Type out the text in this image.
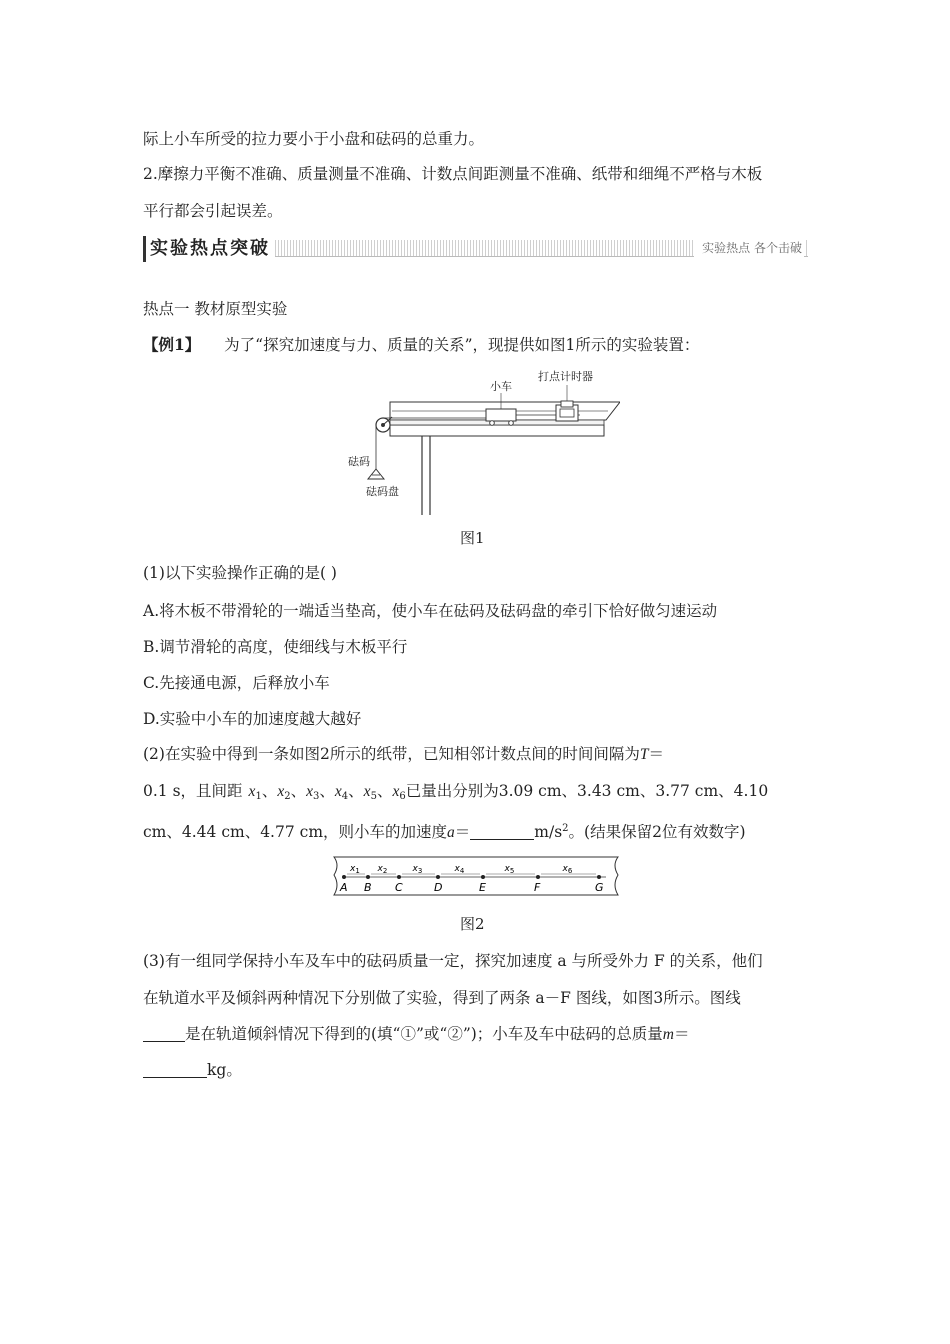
际上小车所受的拉力要小于小盘和砝码的总重力。
2.摩擦力平衡不准确、质量测量不准确、计数点间距测量不准确、纸带和细绳不严格与木板
平行都会引起误差。
实验热点突破	实验热点 各个击破
热点一 教材原型实验
【例1】 为了“探究加速度与力、质量的关系”，现提供如图1所示的实验装置：
小车
打点计时器
砝码
砝码盘
图1
(1)以下实验操作正确的是( )
A.将木板不带滑轮的一端适当垫高，使小车在砝码及砝码盘的牵引下恰好做匀速运动
B.调节滑轮的高度，使细线与木板平行
C.先接通电源，后释放小车
D.实验中小车的加速度越大越好
(2)在实验中得到一条如图2所示的纸带，已知相邻计数点间的时间间隔为T＝
0.1 s，且间距 $x_1$、$x_2$、$x_3$、$x_4$、$x_5$、$x_6$已量出分别为3.09 cm、3.43 cm、3.77 cm、4.10
cm、4.44 cm、4.77 cm，则小车的加速度a＝	$m/s^2$。(结果保留2位有效数字)
A B C	D	E	F	G
$x_1$ $x_2$	$x_3$	$x_4$	$x_5$	$x_6$
图2
(3)有一组同学保持小车及车中的砝码质量一定，探究加速度 a 与所受外力 F 的关系，他们
在轨道水平及倾斜两种情况下分别做了实验，得到了两条 a－F 图线，如图3所示。图线
是在轨道倾斜情况下得到的(填“①”或“②”)；小车及车中砝码的总质量m＝
kg。
